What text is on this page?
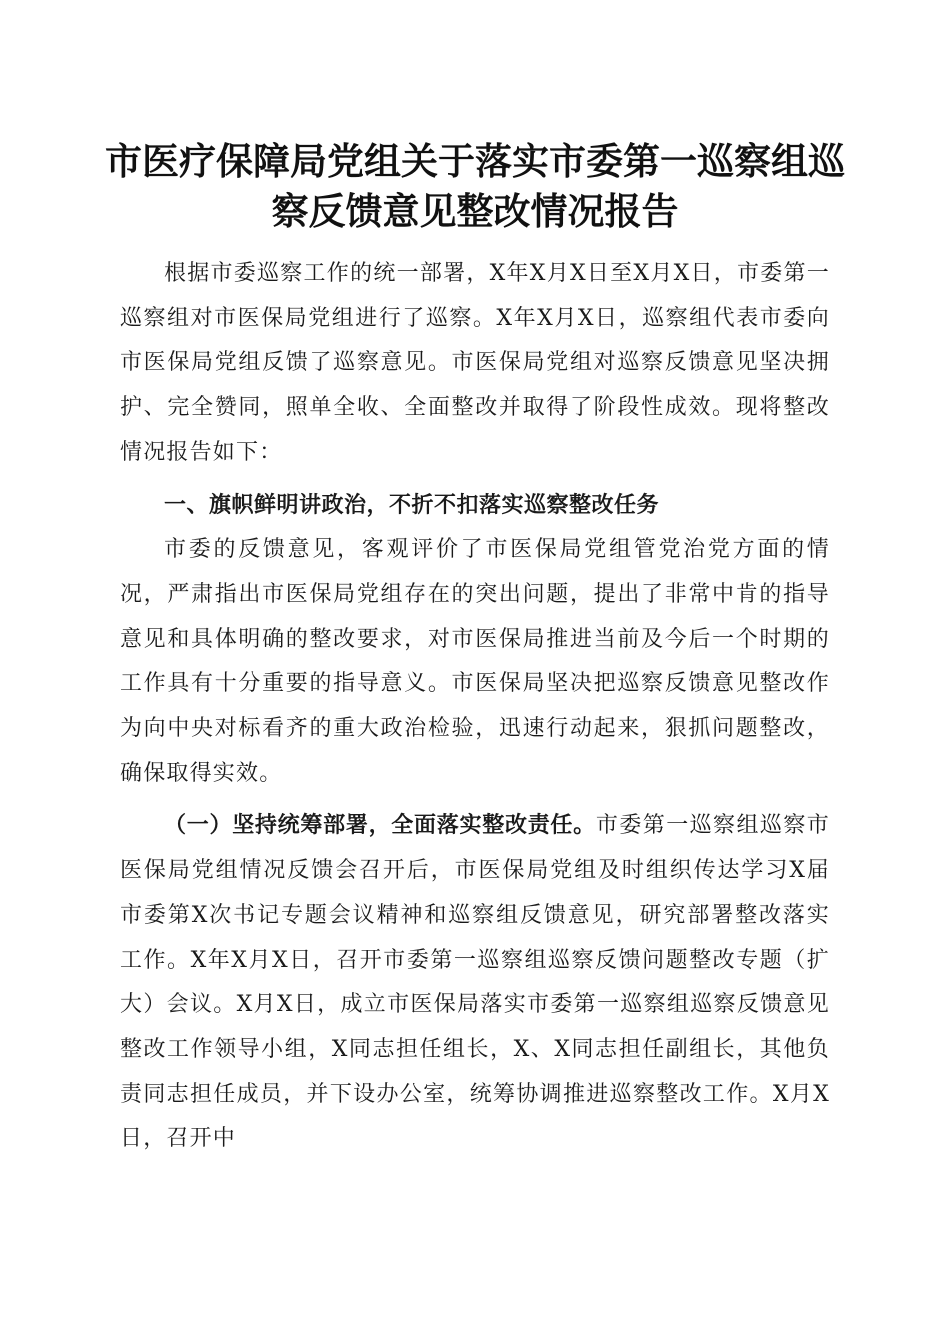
市医疗保障局党组关于落实市委第一巡察组巡
察反馈意见整改情况报告

根据市委巡察工作的统一部署，X年X月X日至X月X日，市委第一巡察组对市医保局党组进行了巡察。X年X月X日，巡察组代表市委向市医保局党组反馈了巡察意见。市医保局党组对巡察反馈意见坚决拥护、完全赞同，照单全收、全面整改并取得了阶段性成效。现将整改情况报告如下：

一、旗帜鲜明讲政治，不折不扣落实巡察整改任务

市委的反馈意见，客观评价了市医保局党组管党治党方面的情况，严肃指出市医保局党组存在的突出问题，提出了非常中肯的指导意见和具体明确的整改要求，对市医保局推进当前及今后一个时期的工作具有十分重要的指导意义。市医保局坚决把巡察反馈意见整改作为向中央对标看齐的重大政治检验，迅速行动起来，狠抓问题整改，确保取得实效。

（一）坚持统筹部署，全面落实整改责任。市委第一巡察组巡察市医保局党组情况反馈会召开后，市医保局党组及时组织传达学习X届市委第X次书记专题会议精神和巡察组反馈意见，研究部署整改落实工作。X年X月X日，召开市委第一巡察组巡察反馈问题整改专题（扩大）会议。X月X日，成立市医保局落实市委第一巡察组巡察反馈意见整改工作领导小组，X同志担任组长，X、X同志担任副组长，其他负责同志担任成员，并下设办公室，统筹协调推进巡察整改工作。X月X日，召开中
